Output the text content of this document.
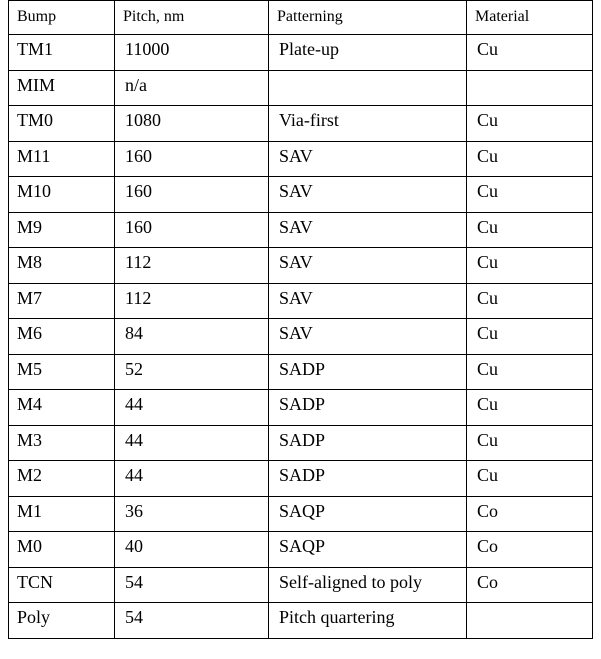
Bump	Pitch, nm	Patterning	Material
TM1	11000	Plate-up	Cu
MIM	n/a		
TM0	1080	Via-first	Cu
M11	160	SAV	Cu
M10	160	SAV	Cu
M9	160	SAV	Cu
M8	112	SAV	Cu
M7	112	SAV	Cu
M6	84	SAV	Cu
M5	52	SADP	Cu
M4	44	SADP	Cu
M3	44	SADP	Cu
M2	44	SADP	Cu
M1	36	SAQP	Co
M0	40	SAQP	Co
TCN	54	Self-aligned to poly	Co
Poly	54	Pitch quartering	
